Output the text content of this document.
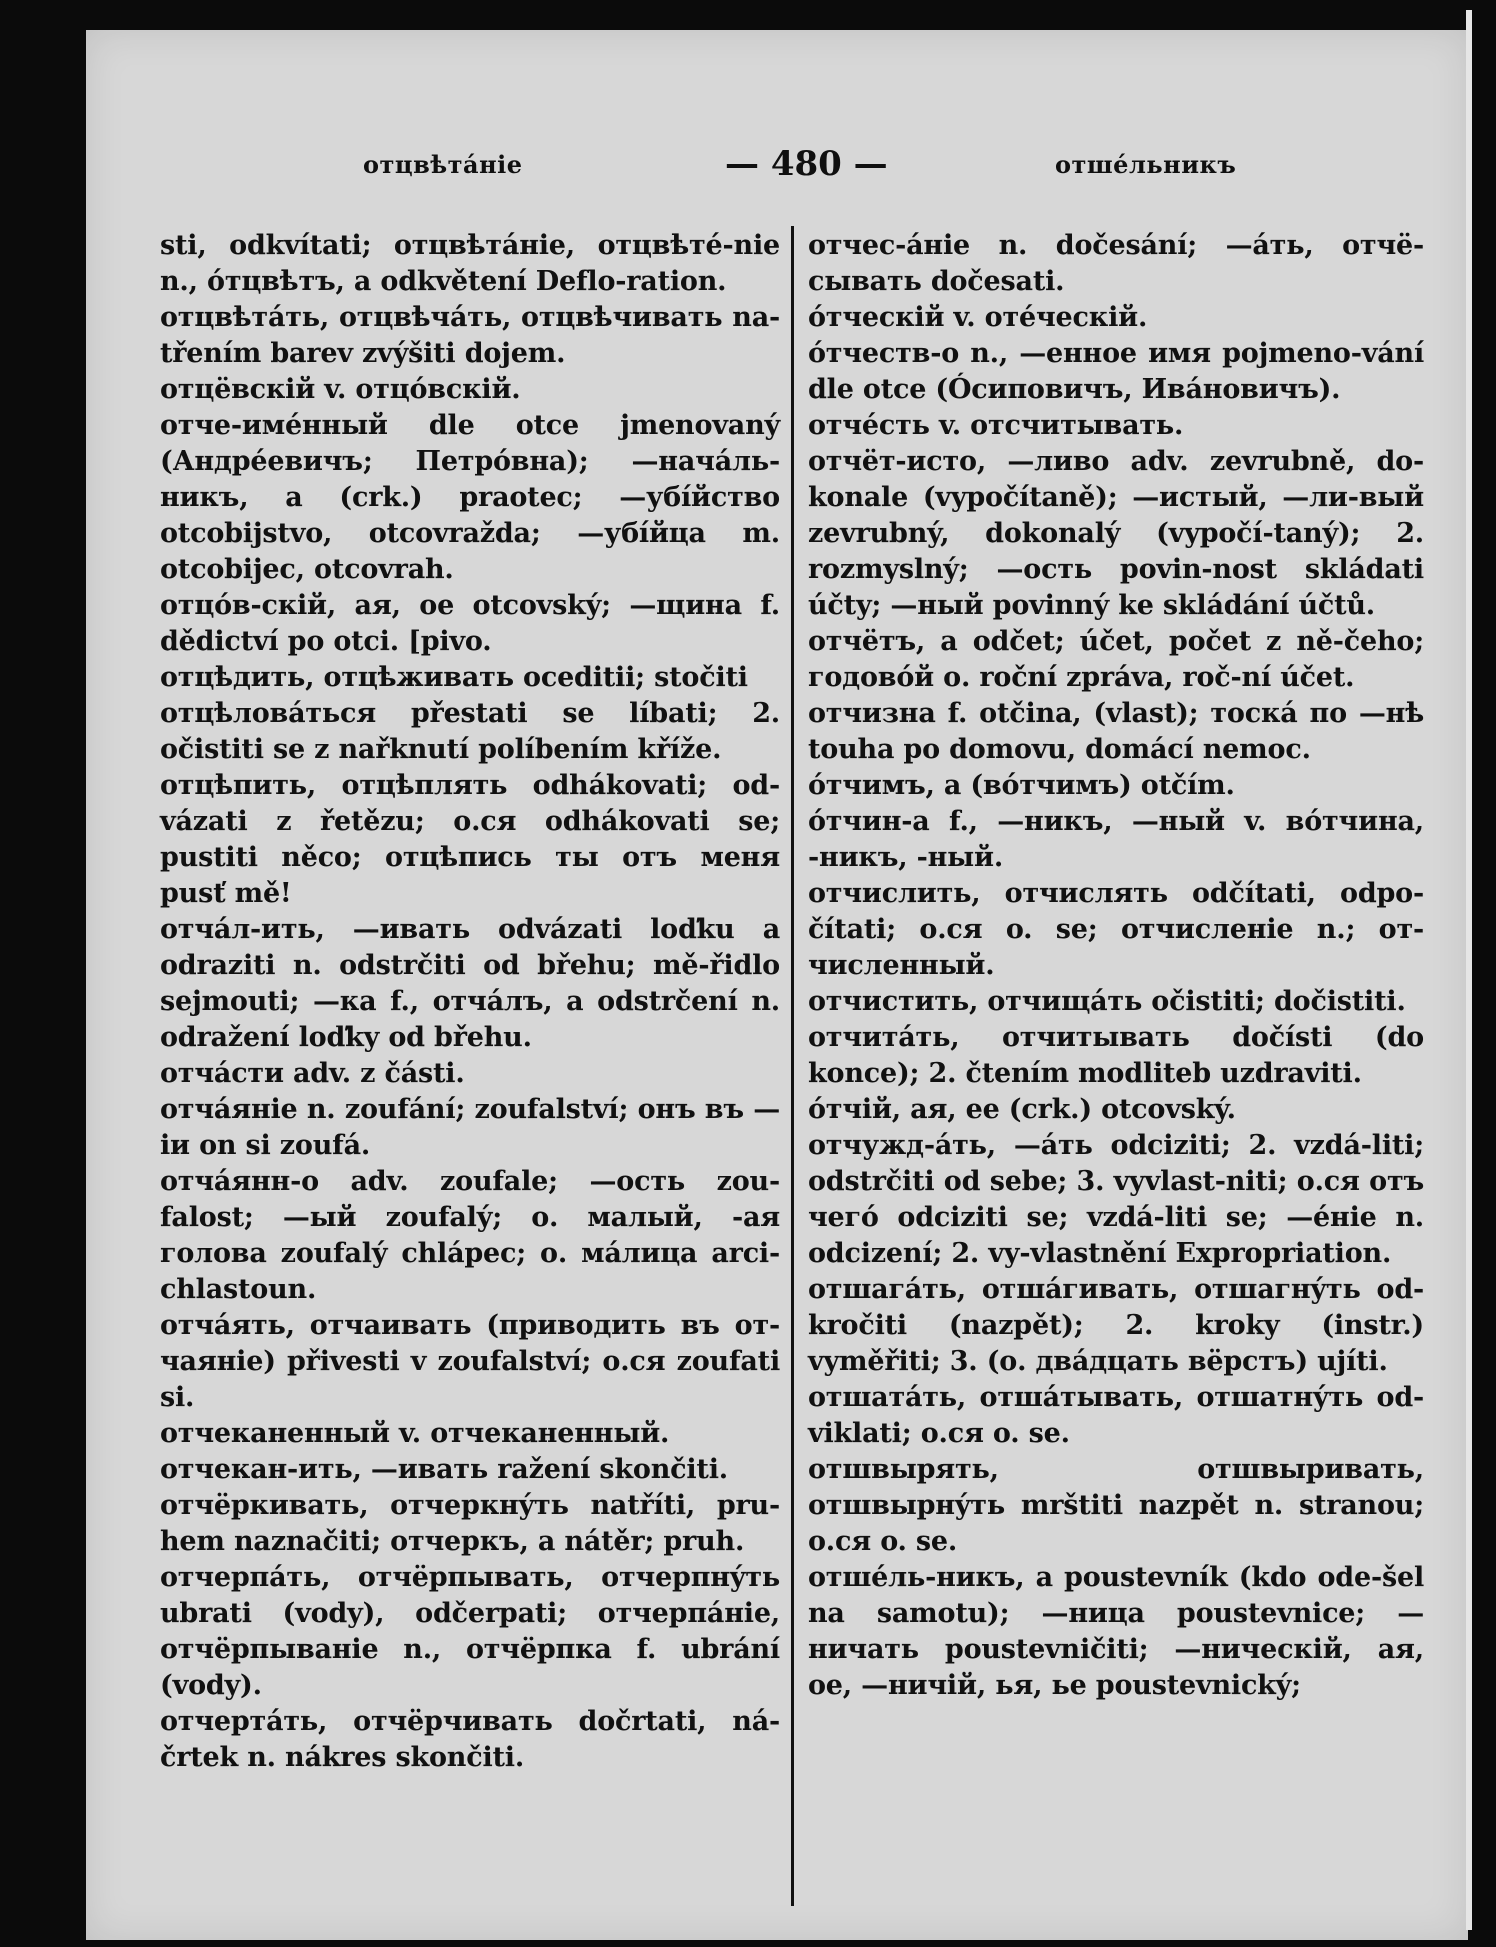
отцвѣтáніе	— 480 —	отшéльникъ

sti, odkvítati; отцвѣтáніе, отцвѣтé-nie n., óтцвѣтъ, a odkvětení Deflo-ration.

отцвѣтáть, отцвѣчáть, отцвѣчивать na-třením barev zvýšiti dojem.

отцёвскій v. отцóвскій.

отче-имéнный dle otce jmenovaný (Андрéевичъ; Петрóвна); —начáль-никъ, a (crk.) praotec; —убíйство otcobijstvo, otcovražda; —убíйца m. otcobijec, otcovrah.

отцóв-скій, ая, ое otcovský; —щина f. dědictví po otci. [pivo.

отцѣдить, отцѣживать oceditii; stočiti

отцѣловáться přestati se líbati; 2. očistiti se z nařknutí políbením kříže.

отцѣпить, отцѣплять odhákovati; od-vázati z řetězu; о.ся odhákovati se; pustiti něco; отцѣпись ты отъ меня pusť mě!

отчáл-ить, —ивать odvázati loďku a odraziti n. odstrčiti od břehu; mě-řidlo sejmouti; —ка f., отчáлъ, a odstrčení n. odražení loďky od břehu.

отчáсти adv. z části.

отчáяніе n. zoufání; zoufalství; онъ въ —іи on si zoufá.

отчáянн-о adv. zoufale; —ость zou-falost; —ый zoufalý; о. малый, -ая голова zoufalý chlápec; о. мáлица arci-chlastoun.

отчáять, отчаивать (приводить въ от-чаяніе) přivesti v zoufalství; о.ся zoufati si.

отчеканенный v. отчеканенный.

отчекан-ить, —ивать ražení skončiti.

отчёркивать, отчеркнýть natříti, pru-hem naznačiti; отчеркъ, a nátěr; pruh.

отчерпáть, отчёрпывать, отчерпнýть ubrati (vody), odčerpati; отчерпáніе, отчёрпываніе n., отчёрпка f. ubrání (vody).

отчертáть, отчёрчивать dočrtati, ná-črtek n. nákres skončiti.

отчес-áніе n. dočesání; —áть, отчё-сывать dočesati.

óтческій v. отéческій.

óтчеств-о n., —енное имя pojmeno-vání dle otce (Óсиповичъ, Ивáновичъ).

отчéсть v. отсчитывать.

отчёт-исто, —ливо adv. zevrubně, do-konale (vypočítaně); —истый, —ли-вый zevrubný, dokonalý (vypočí-taný); 2. rozmyslný; —ость povin-nost skládati účty; —ный povinný ke skládání účtů.

отчётъ, a odčet; účet, počet z ně-čeho; годовóй о. roční zpráva, roč-ní účet.

отчизна f. otčina, (vlast); тоскá по —нѣ touha po domovu, domácí nemoc.

óтчимъ, a (вóтчимъ) otčím.

óтчин-а f., —никъ, —ный v. вóтчина, -никъ, -ный.

отчислить, отчислять odčítati, odpo-čítati; о.ся o. se; отчисленіе n.; от-численный.

отчистить, отчищáть očistiti; dočistiti.

отчитáть, отчитывать dočísti (do konce); 2. čtením modliteb uzdraviti.

óтчій, ая, ее (crk.) otcovský.

отчужд-áть, —áть odciziti; 2. vzdá-liti; odstrčiti od sebe; 3. vyvlast-niti; о.ся отъ чегó odciziti se; vzdá-liti se; —éніе n. odcizení; 2. vy-vlastnění Expropriation.

отшагáть, отшáгивать, отшагнýть od-kročiti (nazpět); 2. kroky (instr.) vyměřiti; 3. (о. двáдцать вёрстъ) ujíti.

отшатáть, отшáтывать, отшатнýть od-viklati; о.ся o. se.

отшвырять, отшвыривать, отшвырнýть mrštiti nazpět n. stranou; о.ся o. se.

отшéль-никъ, a poustevník (kdo ode-šel na samotu); —ница poustevnice; —ничать poustevničiti; —ническій, ая, ое, —ничій, ья, ье poustevnický;
